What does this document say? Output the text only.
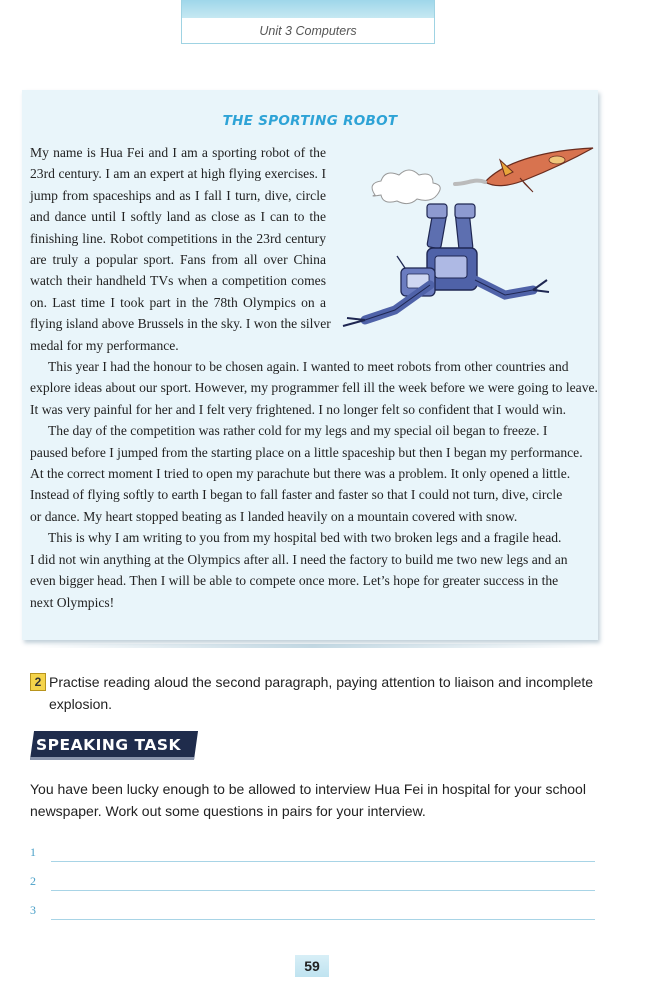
Unit 3 Computers
THE SPORTING ROBOT
My name is Hua Fei and I am a sporting robot of the
23rd century. I am an expert at high flying exercises. I
jump from spaceships and as I fall I turn, dive, circle
and dance until I softly land as close as I can to the
finishing line. Robot competitions in the 23rd century
are truly a popular sport. Fans from all over China
watch their handheld TVs when a competition comes
on. Last time I took part in the 78th Olympics on a
flying island above Brussels in the sky. I won the silver
medal for my performance.
This year I had the honour to be chosen again. I wanted to meet robots from other countries and
explore ideas about our sport. However, my programmer fell ill the week before we were going to leave.
It was very painful for her and I felt very frightened. I no longer felt so confident that I would win.
The day of the competition was rather cold for my legs and my special oil began to freeze. I
paused before I jumped from the starting place on a little spaceship but then I began my performance.
At the correct moment I tried to open my parachute but there was a problem. It only opened a little.
Instead of flying softly to earth I began to fall faster and faster so that I could not turn, dive, circle
or dance. My heart stopped beating as I landed heavily on a mountain covered with snow.
This is why I am writing to you from my hospital bed with two broken legs and a fragile head.
I did not win anything at the Olympics after all. I need the factory to build me two new legs and an
even bigger head. Then I will be able to compete once more. Let’s hope for greater success in the
next Olympics!
2 Practise reading aloud the second paragraph, paying attention to liaison and incomplete explosion.
SPEAKING TASK
You have been lucky enough to be allowed to interview Hua Fei in hospital for your school newspaper. Work out some questions in pairs for your interview.
1
2
3
59
